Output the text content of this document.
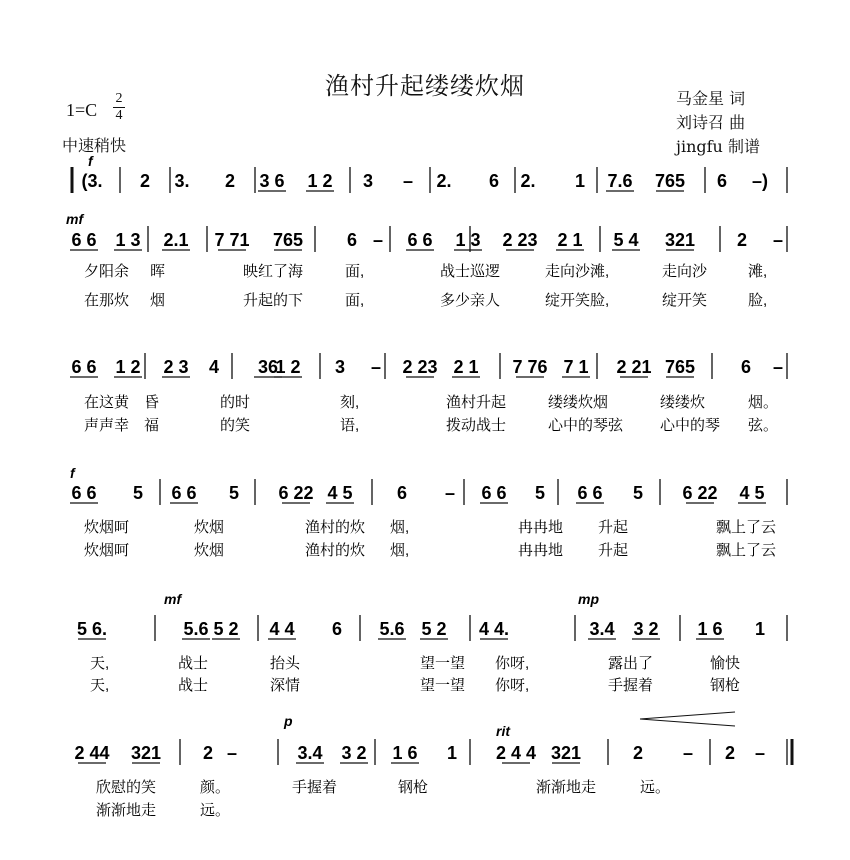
渔村升起缕缕炊烟	马金星 词
刘诗召 曲
jingfu 制谱
1=C
2
4
中速稍快
(3. 2 3. 2 3 6 1 2 3 – 2. 6 2. 1 7.6 765 6 –)
f
6 6 1 3 2.1 7 71 765 6 – 6 6 1 3 2 23 2 1 5 4 321 2 –
夕阳余 晖	映红了海	面,	战士巡逻	走向沙滩,	走向沙	滩,
在那炊 烟	升起的下	面,	多少亲人	绽开笑脸,	绽开笑	脸,
mf
6 6 1 2 2 3 4 36
1 2 3 – 2 23 2 1 7 76 7 1 2 21 765	6 –
在这黄 昏	的时	刻,	渔村升起	缕缕炊烟	缕缕炊	烟。
声声幸 福	的笑	语,	拨动战士	心中的琴弦 心中的琴 弦。
6 6 5 6 6 5 6 22 4 5 6 – 6 6 5 6 6 5 6 22 4 5
炊烟呵	炊烟	渔村的炊 烟,	冉冉地 升起	飘上了云
炊烟呵	炊烟	渔村的炊 烟,	冉冉地 升起	飘上了云
f
5 6.	5.6 5 2 4 4 6 5.6 5 2 4 4.	3.4 3 2 1 6 1
天,	战士	抬头	望一望 你呀,	露出了	愉快
天,	战士	深情	望一望 你呀,	手握着	钢枪
mf	mp
2 44 321 2 –	3.4 3 2 1 6 1 2 4 4 321	2 – 2 –
欣慰的笑	颜。	手握着	钢枪	渐渐地走	远。
渐渐地走	远。
p
rit
